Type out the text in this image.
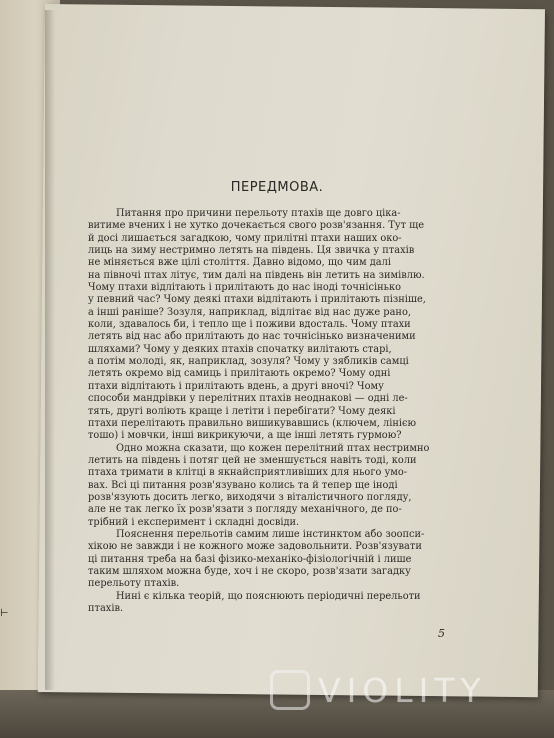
ПЕРЕДМОВА.
Питання про причини перельоту птахів ще довго ціка-
витиме вчених і не хутко дочекається свого розв'язання. Тут ще
й досі лишається загадкою, чому прилітні птахи наших око-
лиць на зиму нестримно летять на південь. Ця звичка у птахів
не міняється вже цілі століття. Давно відомо, що чим далі
на півночі птах літує, тим далі на південь він летить на зимівлю.
Чому птахи відлітають і прилітають до нас іноді точнісінько
у певний час? Чому деякі птахи відлітають і прилітають пізніше,
а інші раніше? Зозуля, наприклад, відлітає від нас дуже рано,
коли, здавалось би, і тепло ще і поживи вдосталь. Чому птахи
летять від нас або прилітають до нас точнісінько визначеними
шляхами? Чому у деяких птахів спочатку вилітають старі,
а потім молоді, як, наприклад, зозуля? Чому у зябликів самці
летять окремо від самиць і прилітають окремо? Чому одні
птахи відлітають і прилітають вдень, а другі вночі? Чому
способи мандрівки у перелітних птахів неоднакові — одні ле-
тять, другі воліють краще і летіти і перебігати? Чому деякі
птахи перелітають правильно вишикувавшись (ключем, лінією
тошо) і мовчки, інші викрикуючи, а ще інші летять гурмою?
Одно можна сказати, що кожен перелітний птах нестримно
летить на південь і потяг цей не зменшується навіть тоді, коли
птаха тримати в клітці в якнайсприятливіших для нього умо-
вах. Всі ці питання розв'язувано колись та й тепер ще іноді
розв'язують досить легко, виходячи з віталістичного погляду,
але не так легко їх розв'язати з погляду механічного, де по-
трібний і експеримент і складні досвіди.
Пояснення перельотів самим лише інстинктом або зоопси-
хікою не завжди і не кожного може задовольнити. Розв'язувати
ці питання треба на базі фізико-механіко-фізіологічній і лише
таким шляхом можна буде, хоч і не скоро, розв'язати загадку
перельоту птахів.
Нині є кілька теорій, що пояснюють періодичні перельоти
птахів.
5
⊢
VIOLITY
